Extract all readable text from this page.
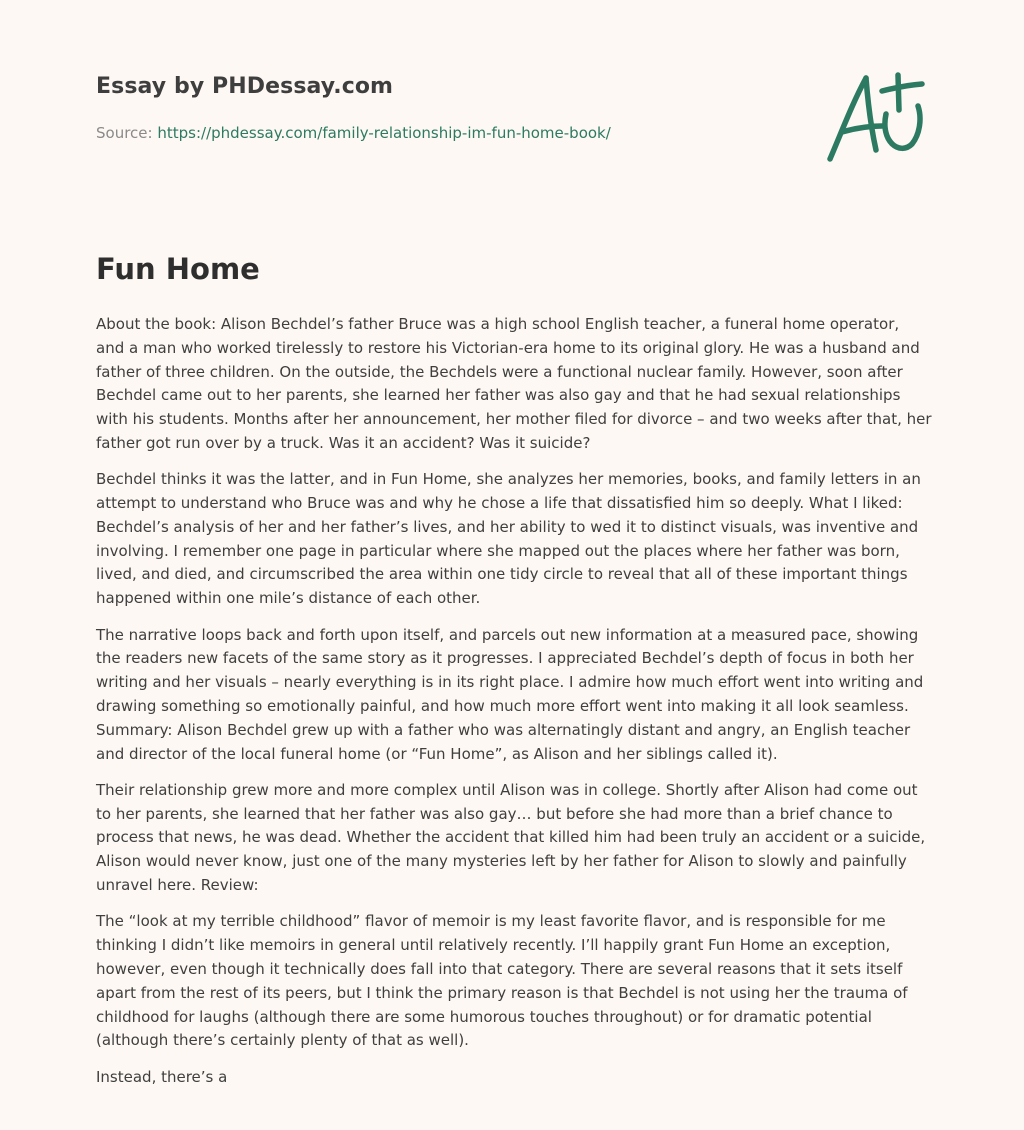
Essay by PHDessay.com
Source: https://phdessay.com/family-relationship-im-fun-home-book/
Fun Home

About the book: Alison Bechdel’s father Bruce was a high school English teacher, a funeral home operator, and a man who worked tirelessly to restore his Victorian-era home to its original glory. He was a husband and father of three children. On the outside, the Bechdels were a functional nuclear family. However, soon after Bechdel came out to her parents, she learned her father was also gay and that he had sexual relationships with his students. Months after her announcement, her mother filed for divorce – and two weeks after that, her father got run over by a truck. Was it an accident? Was it suicide?

Bechdel thinks it was the latter, and in Fun Home, she analyzes her memories, books, and family letters in an attempt to understand who Bruce was and why he chose a life that dissatisfied him so deeply. What I liked: Bechdel’s analysis of her and her father’s lives, and her ability to wed it to distinct visuals, was inventive and involving. I remember one page in particular where she mapped out the places where her father was born, lived, and died, and circumscribed the area within one tidy circle to reveal that all of these important things happened within one mile’s distance of each other.

The narrative loops back and forth upon itself, and parcels out new information at a measured pace, showing the readers new facets of the same story as it progresses. I appreciated Bechdel’s depth of focus in both her writing and her visuals – nearly everything is in its right place. I admire how much effort went into writing and drawing something so emotionally painful, and how much more effort went into making it all look seamless. Summary: Alison Bechdel grew up with a father who was alternatingly distant and angry, an English teacher and director of the local funeral home (or “Fun Home”, as Alison and her siblings called it).

Their relationship grew more and more complex until Alison was in college. Shortly after Alison had come out to her parents, she learned that her father was also gay… but before she had more than a brief chance to process that news, he was dead. Whether the accident that killed him had been truly an accident or a suicide, Alison would never know, just one of the many mysteries left by her father for Alison to slowly and painfully unravel here. Review:

The “look at my terrible childhood” flavor of memoir is my least favorite flavor, and is responsible for me thinking I didn’t like memoirs in general until relatively recently. I’ll happily grant Fun Home an exception, however, even though it technically does fall into that category. There are several reasons that it sets itself apart from the rest of its peers, but I think the primary reason is that Bechdel is not using her the trauma of childhood for laughs (although there are some humorous touches throughout) or for dramatic potential (although there’s certainly plenty of that as well).

Instead, there’s a
